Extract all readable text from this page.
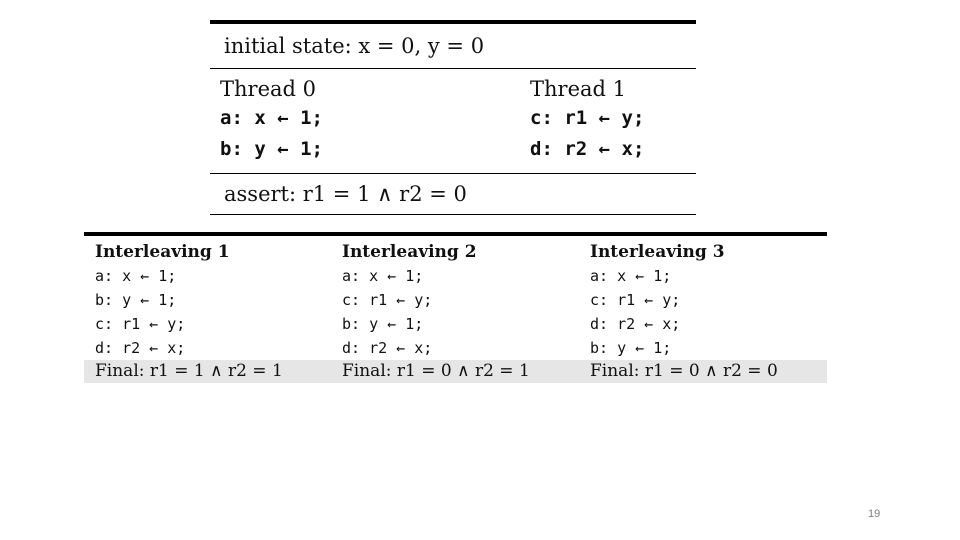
initial state: x = 0, y = 0
Thread 0
a: x ← 1;
b: y ← 1;
Thread 1
c: r1 ← y;
d: r2 ← x;
assert: r1 = 1 ∧ r2 = 0
Interleaving 1
a: x ← 1;
b: y ← 1;
c: r1 ← y;
d: r2 ← x;
Interleaving 2
a: x ← 1;
c: r1 ← y;
b: y ← 1;
d: r2 ← x;
Interleaving 3
a: x ← 1;
c: r1 ← y;
d: r2 ← x;
b: y ← 1;
Final: r1 = 1 ∧ r2 = 1	Final: r1 = 0 ∧ r2 = 1	Final: r1 = 0 ∧ r2 = 0
19
